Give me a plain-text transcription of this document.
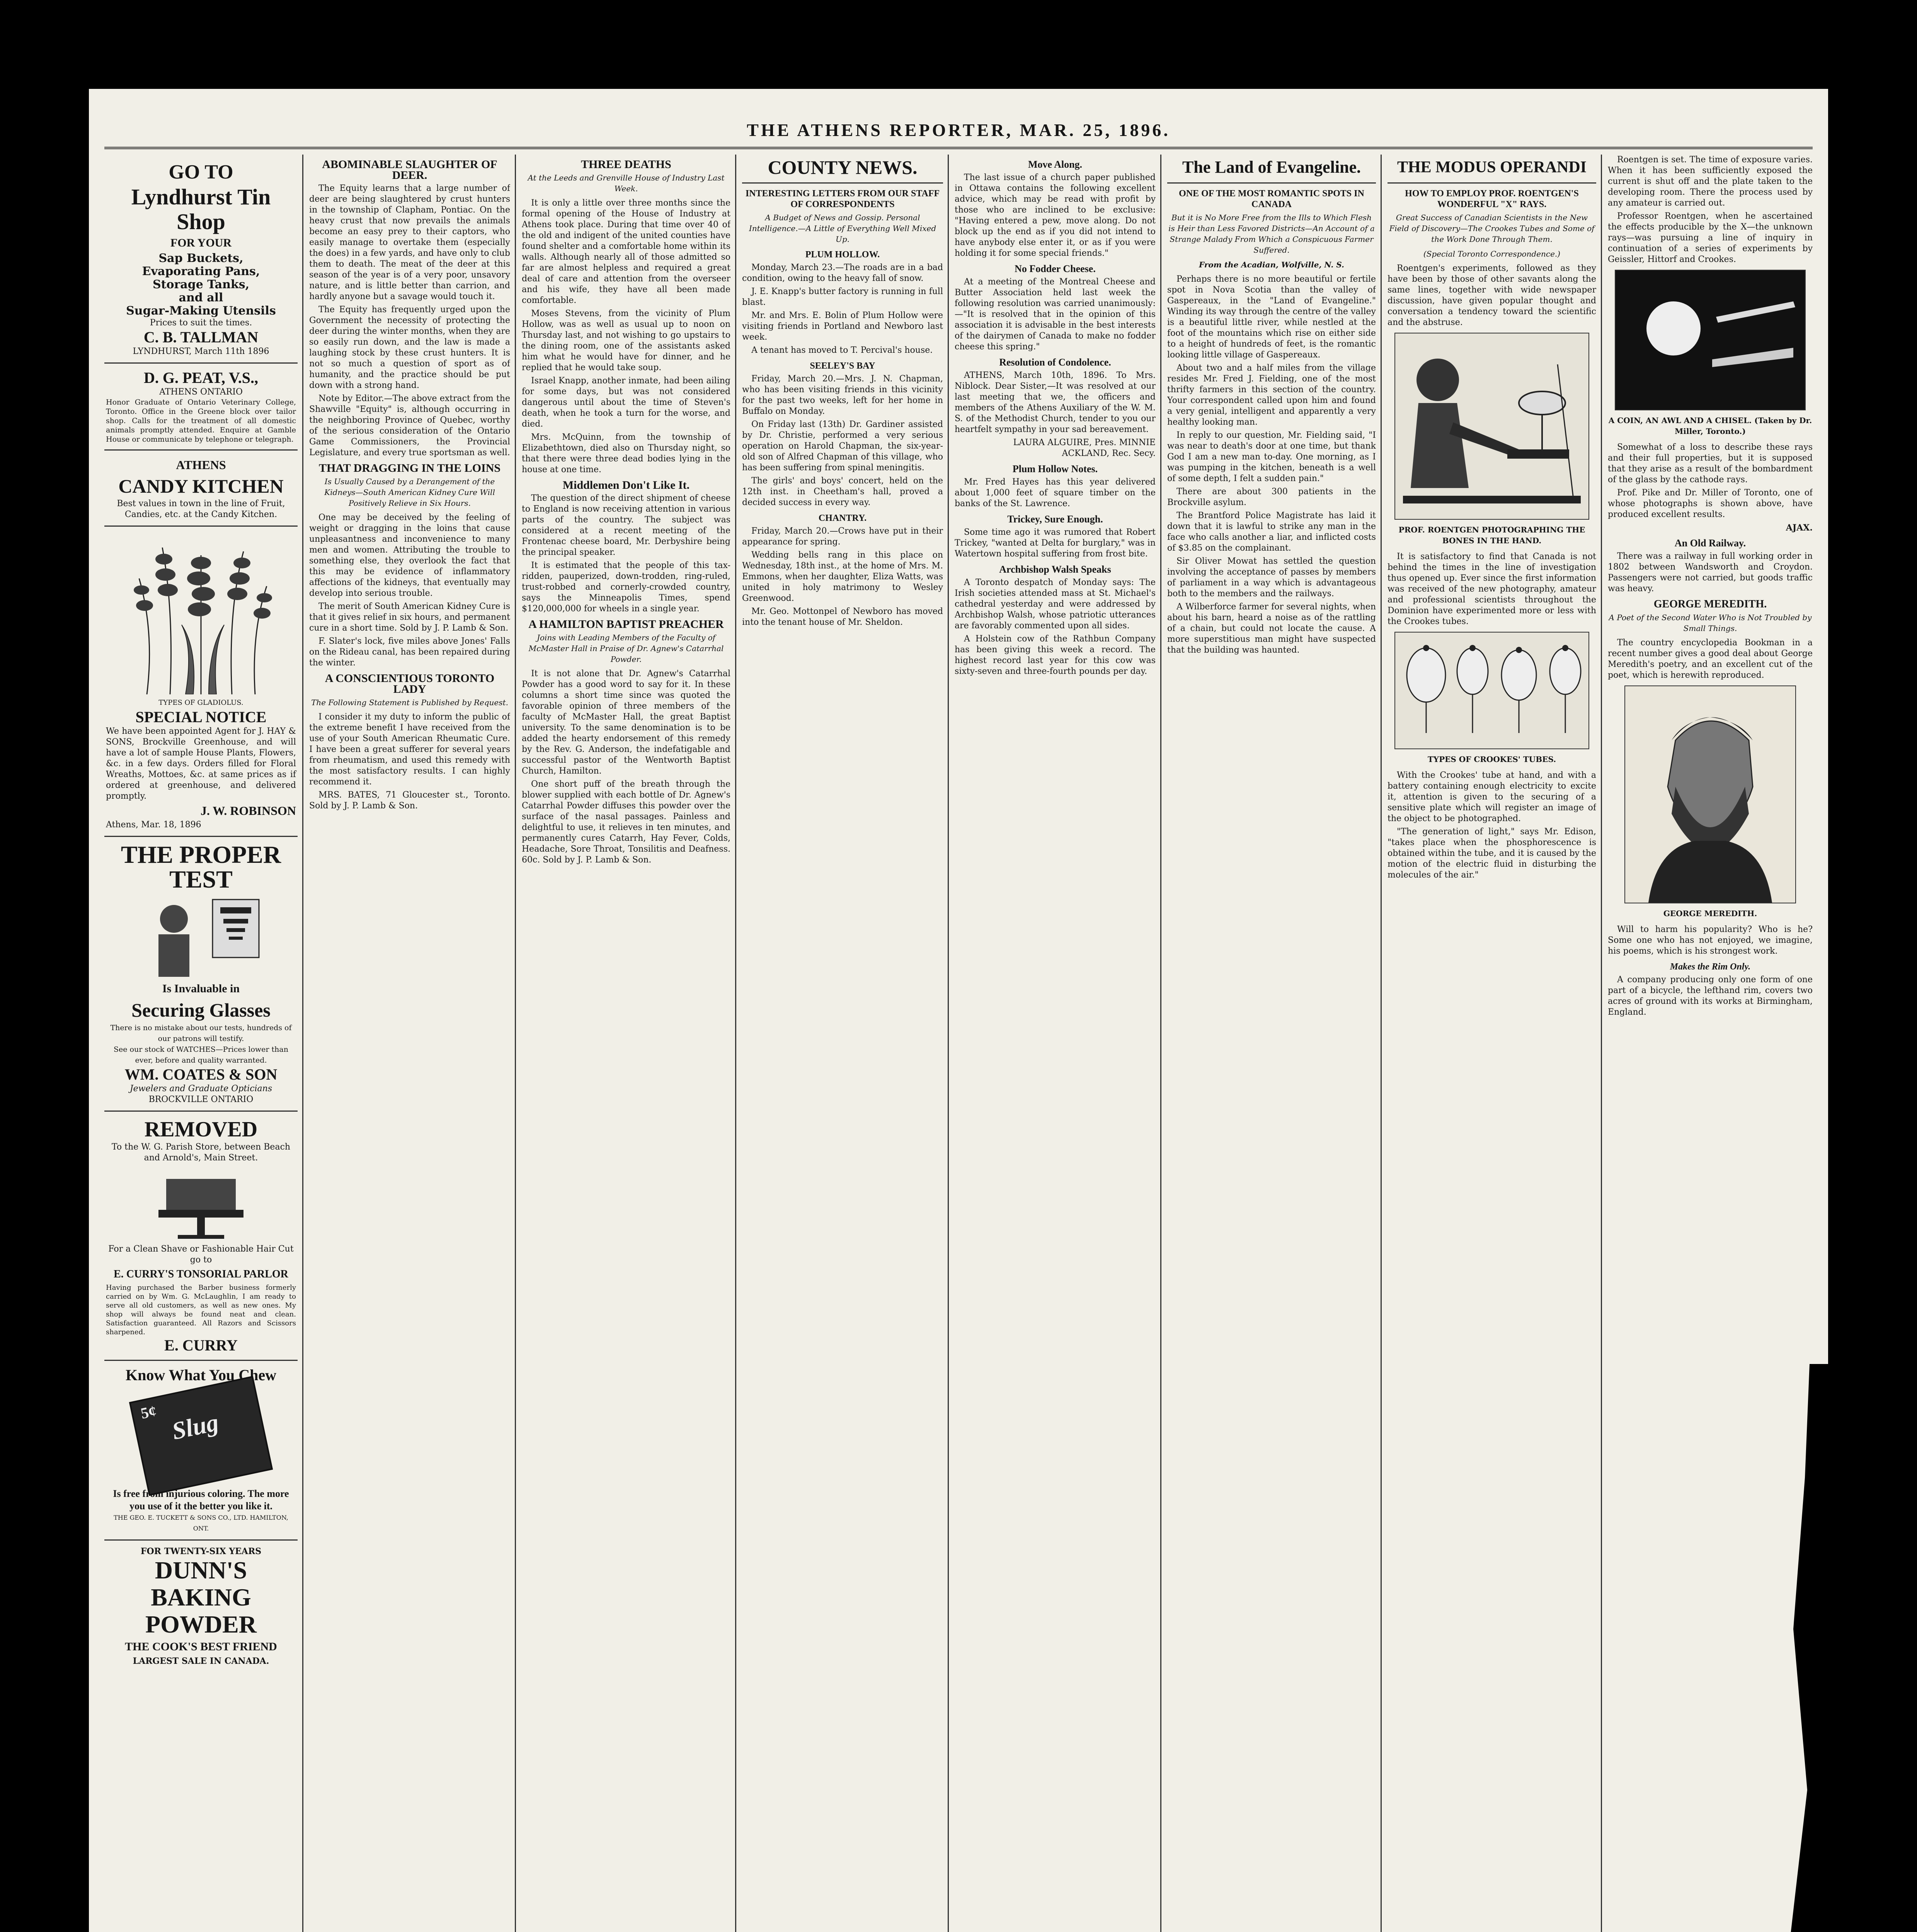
THE ATHENS REPORTER, MAR. 25, 1896.
GO TO
Lyndhurst Tin Shop
FOR YOUR
Sap Buckets,
Evaporating Pans,
Storage Tanks,
and all
Sugar-Making Utensils
Prices to suit the times.
C. B. TALLMAN
LYNDHURST, March 11th 1896
D. G. PEAT, V.S.,
ATHENS ONTARIO
Honor Graduate of Ontario Veterinary College, Toronto. Office in the Greene block over tailor shop. Calls for the treatment of all domestic animals promptly attended. Enquire at Gamble House or communicate by telephone or telegraph.
ATHENS
CANDY KITCHEN
Best values in town in the line of Fruit, Candies, etc. at the Candy Kitchen.
TYPES OF GLADIOLUS.
SPECIAL NOTICE
We have been appointed Agent for J. HAY & SONS, Brockville Greenhouse, and will have a lot of sample House Plants, Flowers, &c. in a few days. Orders filled for Floral Wreaths, Mottoes, &c. at same prices as if ordered at greenhouse, and delivered promptly.
J. W. ROBINSON
Athens, Mar. 18, 1896
THE PROPER TEST
Is Invaluable in
Securing Glasses
There is no mistake about our tests, hundreds of our patrons will testify.
See our stock of WATCHES—Prices lower than ever, before and quality warranted.
WM. COATES & SON
Jewelers and Graduate Opticians
BROCKVILLE ONTARIO
REMOVED
To the W. G. Parish Store, between Beach and Arnold's, Main Street.
For a Clean Shave or Fashionable Hair Cut go to
E. CURRY'S TONSORIAL PARLOR
Having purchased the Barber business formerly carried on by Wm. G. McLaughlin, I am ready to serve all old customers, as well as new ones. My shop will always be found neat and clean. Satisfaction guaranteed. All Razors and Scissors sharpened.
E. CURRY
Know What You Chew
5¢ Slug
Is free from injurious coloring. The more you use of it the better you like it.
THE GEO. E. TUCKETT & SONS CO., LTD. HAMILTON, ONT.
FOR TWENTY-SIX YEARS
DUNN'S BAKING POWDER
THE COOK'S BEST FRIEND
LARGEST SALE IN CANADA.
ABOMINABLE SLAUGHTER OF DEER.

The Equity learns that a large number of deer are being slaughtered by crust hunters in the township of Clapham, Pontiac. On the heavy crust that now prevails the animals become an easy prey to their captors, who easily manage to overtake them (especially the does) in a few yards, and have only to club them to death. The meat of the deer at this season of the year is of a very poor, unsavory nature, and is little better than carrion, and hardly anyone but a savage would touch it.

The Equity has frequently urged upon the Government the necessity of protecting the deer during the winter months, when they are so easily run down, and the law is made a laughing stock by these crust hunters. It is not so much a question of sport as of humanity, and the practice should be put down with a strong hand.

Note by Editor.—The above extract from the Shawville "Equity" is, although occurring in the neighboring Province of Quebec, worthy of the serious consideration of the Ontario Game Commissioners, the Provincial Legislature, and every true sportsman as well.

THAT DRAGGING IN THE LOINS
Is Usually Caused by a Derangement of the Kidneys—South American Kidney Cure Will Positively Relieve in Six Hours.

One may be deceived by the feeling of weight or dragging in the loins that cause unpleasantness and inconvenience to many men and women. Attributing the trouble to something else, they overlook the fact that this may be evidence of inflammatory affections of the kidneys, that eventually may develop into serious trouble.

The merit of South American Kidney Cure is that it gives relief in six hours, and permanent cure in a short time. Sold by J. P. Lamb & Son.

F. Slater's lock, five miles above Jones' Falls on the Rideau canal, has been repaired during the winter.

A CONSCIENTIOUS TORONTO LADY
The Following Statement is Published by Request.

I consider it my duty to inform the public of the extreme benefit I have received from the use of your South American Rheumatic Cure. I have been a great sufferer for several years from rheumatism, and used this remedy with the most satisfactory results. I can highly recommend it.

MRS. BATES, 71 Gloucester st., Toronto. Sold by J. P. Lamb & Son.

THREE DEATHS
At the Leeds and Grenville House of Industry Last Week.

It is only a little over three months since the formal opening of the House of Industry at Athens took place. During that time over 40 of the old and indigent of the united counties have found shelter and a comfortable home within its walls. Although nearly all of those admitted so far are almost helpless and required a great deal of care and attention from the overseer and his wife, they have all been made comfortable.

Moses Stevens, from the vicinity of Plum Hollow, was as well as usual up to noon on Thursday last, and not wishing to go upstairs to the dining room, one of the assistants asked him what he would have for dinner, and he replied that he would take soup.

Israel Knapp, another inmate, had been ailing for some days, but was not considered dangerous until about the time of Steven's death, when he took a turn for the worse, and died.

Mrs. McQuinn, from the township of Elizabethtown, died also on Thursday night, so that there were three dead bodies lying in the house at one time.

Middlemen Don't Like It.

The question of the direct shipment of cheese to England is now receiving attention in various parts of the country. The subject was considered at a recent meeting of the Frontenac cheese board, Mr. Derbyshire being the principal speaker.

It is estimated that the people of this tax-ridden, pauperized, down-trodden, ring-ruled, trust-robbed and cornerly-crowded country, says the Minneapolis Times, spend $120,000,000 for wheels in a single year.

A HAMILTON BAPTIST PREACHER
Joins with Leading Members of the Faculty of McMaster Hall in Praise of Dr. Agnew's Catarrhal Powder.

It is not alone that Dr. Agnew's Catarrhal Powder has a good word to say for it. In these columns a short time since was quoted the favorable opinion of three members of the faculty of McMaster Hall, the great Baptist university. To the same denomination is to be added the hearty endorsement of this remedy by the Rev. G. Anderson, the indefatigable and successful pastor of the Wentworth Baptist Church, Hamilton.

One short puff of the breath through the blower supplied with each bottle of Dr. Agnew's Catarrhal Powder diffuses this powder over the surface of the nasal passages. Painless and delightful to use, it relieves in ten minutes, and permanently cures Catarrh, Hay Fever, Colds, Headache, Sore Throat, Tonsilitis and Deafness. 60c. Sold by J. P. Lamb & Son.

COUNTY NEWS.
INTERESTING LETTERS FROM OUR STAFF OF CORRESPONDENTS
A Budget of News and Gossip. Personal Intelligence.—A Little of Everything Well Mixed Up.
PLUM HOLLOW.

Monday, March 23.—The roads are in a bad condition, owing to the heavy fall of snow.

J. E. Knapp's butter factory is running in full blast.

Mr. and Mrs. E. Bolin of Plum Hollow were visiting friends in Portland and Newboro last week.

A tenant has moved to T. Percival's house.

SEELEY'S BAY

Friday, March 20.—Mrs. J. N. Chapman, who has been visiting friends in this vicinity for the past two weeks, left for her home in Buffalo on Monday.

On Friday last (13th) Dr. Gardiner assisted by Dr. Christie, performed a very serious operation on Harold Chapman, the six-year-old son of Alfred Chapman of this village, who has been suffering from spinal meningitis.

The girls' and boys' concert, held on the 12th inst. in Cheetham's hall, proved a decided success in every way.

CHANTRY.

Friday, March 20.—Crows have put in their appearance for spring.

Wedding bells rang in this place on Wednesday, 18th inst., at the home of Mrs. M. Emmons, when her daughter, Eliza Watts, was united in holy matrimony to Wesley Greenwood.

Mr. Geo. Mottonpel of Newboro has moved into the tenant house of Mr. Sheldon.

Move Along.

The last issue of a church paper published in Ottawa contains the following excellent advice, which may be read with profit by those who are inclined to be exclusive: "Having entered a pew, move along. Do not block up the end as if you did not intend to have anybody else enter it, or as if you were holding it for some special friends."

No Fodder Cheese.

At a meeting of the Montreal Cheese and Butter Association held last week the following resolution was carried unanimously:—"It is resolved that in the opinion of this association it is advisable in the best interests of the dairymen of Canada to make no fodder cheese this spring."

Resolution of Condolence.

ATHENS, March 10th, 1896. To Mrs. Niblock. Dear Sister,—It was resolved at our last meeting that we, the officers and members of the Athens Auxiliary of the W. M. S. of the Methodist Church, tender to you our heartfelt sympathy in your sad bereavement.

LAURA ALGUIRE, Pres. MINNIE ACKLAND, Rec. Secy.

Plum Hollow Notes.

Mr. Fred Hayes has this year delivered about 1,000 feet of square timber on the banks of the St. Lawrence.

Trickey, Sure Enough.

Some time ago it was rumored that Robert Trickey, "wanted at Delta for burglary," was in Watertown hospital suffering from frost bite.

Archbishop Walsh Speaks

A Toronto despatch of Monday says: The Irish societies attended mass at St. Michael's cathedral yesterday and were addressed by Archbishop Walsh, whose patriotic utterances are favorably commented upon all sides.

A Holstein cow of the Rathbun Company has been giving this week a record. The highest record last year for this cow was sixty-seven and three-fourth pounds per day.

The Land of Evangeline.
ONE OF THE MOST ROMANTIC SPOTS IN CANADA
But it is No More Free from the Ills to Which Flesh is Heir than Less Favored Districts—An Account of a Strange Malady From Which a Conspicuous Farmer Suffered.
From the Acadian, Wolfville, N. S.

Perhaps there is no more beautiful or fertile spot in Nova Scotia than the valley of Gaspereaux, in the "Land of Evangeline." Winding its way through the centre of the valley is a beautiful little river, while nestled at the foot of the mountains which rise on either side to a height of hundreds of feet, is the romantic looking little village of Gaspereaux.

About two and a half miles from the village resides Mr. Fred J. Fielding, one of the most thrifty farmers in this section of the country. Your correspondent called upon him and found a very genial, intelligent and apparently a very healthy looking man.

In reply to our question, Mr. Fielding said, "I was near to death's door at one time, but thank God I am a new man to-day. One morning, as I was pumping in the kitchen, beneath is a well of some depth, I felt a sudden pain."

There are about 300 patients in the Brockville asylum.

The Brantford Police Magistrate has laid it down that it is lawful to strike any man in the face who calls another a liar, and inflicted costs of $3.85 on the complainant.

Sir Oliver Mowat has settled the question involving the acceptance of passes by members of parliament in a way which is advantageous both to the members and the railways.

A Wilberforce farmer for several nights, when about his barn, heard a noise as of the rattling of a chain, but could not locate the cause. A more superstitious man might have suspected that the building was haunted.

THE MODUS OPERANDI
HOW TO EMPLOY PROF. ROENTGEN'S WONDERFUL "X" RAYS.
Great Success of Canadian Scientists in the New Field of Discovery—The Crookes Tubes and Some of the Work Done Through Them.
(Special Toronto Correspondence.)

Roentgen's experiments, followed as they have been by those of other savants along the same lines, together with wide newspaper discussion, have given popular thought and conversation a tendency toward the scientific and the abstruse.

PROF. ROENTGEN PHOTOGRAPHING THE BONES IN THE HAND.

It is satisfactory to find that Canada is not behind the times in the line of investigation thus opened up. Ever since the first information was received of the new photography, amateur and professional scientists throughout the Dominion have experimented more or less with the Crookes tubes.

TYPES OF CROOKES' TUBES.

With the Crookes' tube at hand, and with a battery containing enough electricity to excite it, attention is given to the securing of a sensitive plate which will register an image of the object to be photographed.

"The generation of light," says Mr. Edison, "takes place when the phosphorescence is obtained within the tube, and it is caused by the motion of the electric fluid in disturbing the molecules of the air."

Roentgen is set. The time of exposure varies. When it has been sufficiently exposed the current is shut off and the plate taken to the developing room. There the process used by any amateur is carried out.

Professor Roentgen, when he ascertained the effects producible by the X—the unknown rays—was pursuing a line of inquiry in continuation of a series of experiments by Geissler, Hittorf and Crookes.

A COIN, AN AWL AND A CHISEL. (Taken by Dr. Miller, Toronto.)

Somewhat of a loss to describe these rays and their full properties, but it is supposed that they arise as a result of the bombardment of the glass by the cathode rays.

Prof. Pike and Dr. Miller of Toronto, one of whose photographs is shown above, have produced excellent results.

AJAX.

An Old Railway.

There was a railway in full working order in 1802 between Wandsworth and Croydon. Passengers were not carried, but goods traffic was heavy.

GEORGE MEREDITH.
A Poet of the Second Water Who is Not Troubled by Small Things.

The country encyclopedia Bookman in a recent number gives a good deal about George Meredith's poetry, and an excellent cut of the poet, which is herewith reproduced.

GEORGE MEREDITH.

Will to harm his popularity? Who is he? Some one who has not enjoyed, we imagine, his poems, which is his strongest work.

Makes the Rim Only.

A company producing only one form of one part of a bicycle, the lefthand rim, covers two acres of ground with its works at Birmingham, England.
